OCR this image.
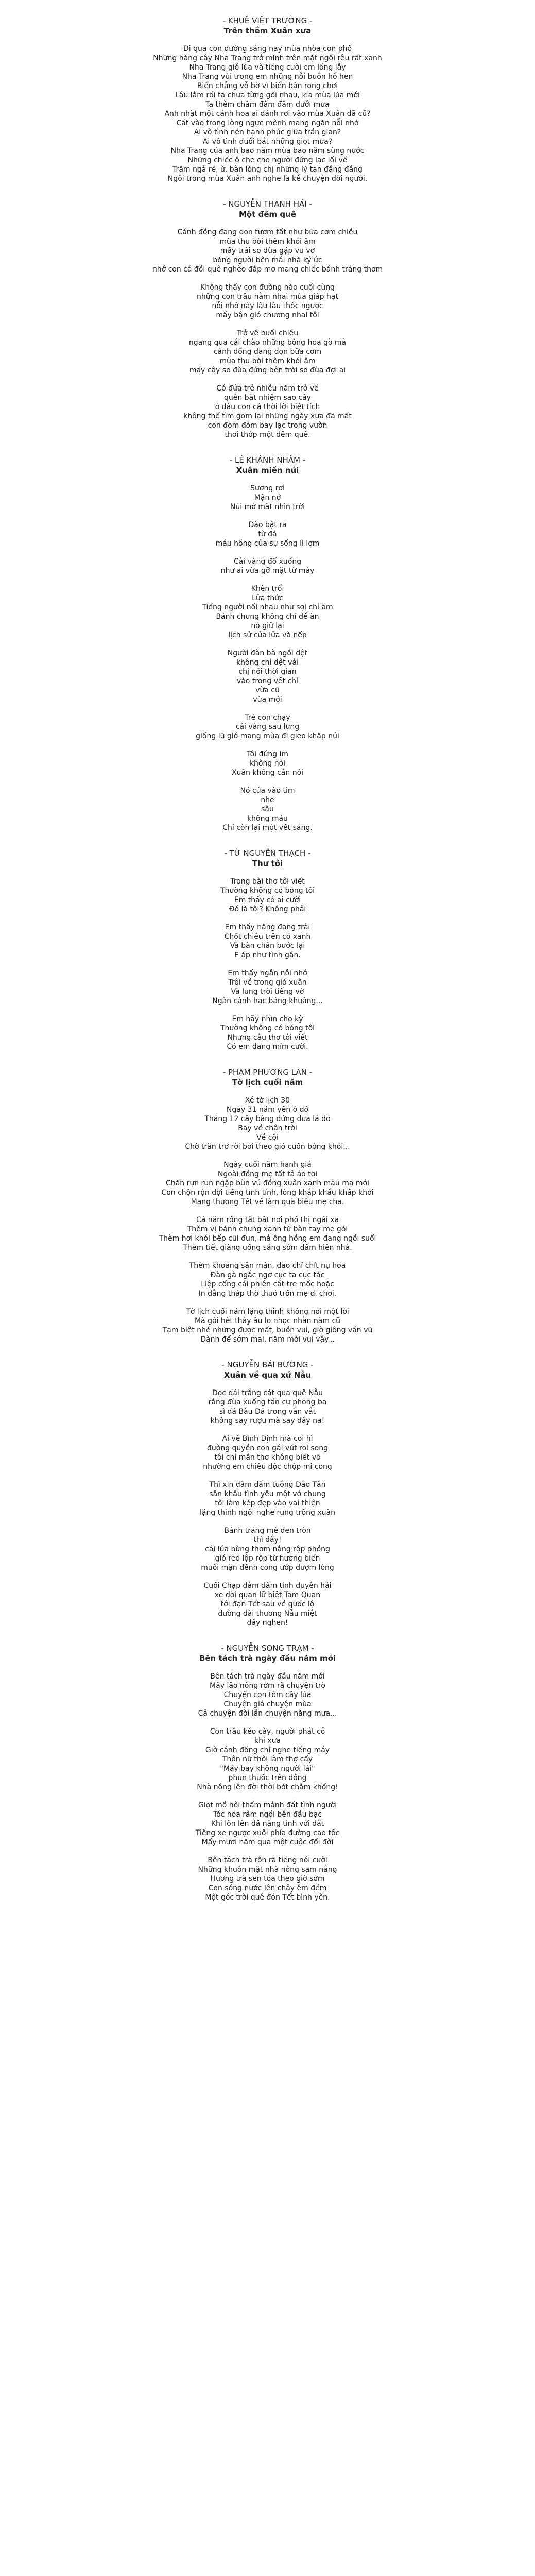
- KHUÊ VIỆT TRƯỜNG -
Trên thềm Xuân xưa
Đi qua con đường sáng nay mùa nhòa con phố
Những hàng cây Nha Trang trở mình trên mặt ngồi rêu rất xanh
Nha Trang gió lùa và tiếng cười em lồng lẫy
Nha Trang vùi trong em những nỗi buồn hồ hen
Biển chẳng vỗ bờ vì biển bận rong chơi
Lâu lắm rồi ta chưa từng gối nhau, kia mùa lúa mới
Ta thèm chăm đắm đắm dưới mưa
Anh nhặt một cánh hoa ai đánh rơi vào mùa Xuân đã cũ?
Cất vào trong lòng ngực mênh mang ngăn nỗi nhớ
Ai vô tình nén hạnh phúc giữa trần gian?
Ai vô tình đuổi bắt những giọt mưa?
Nha Trang của anh bao năm mùa bao năm sùng nước
Những chiếc ô che cho người đứng lạc lối về
Trăm ngả rẽ, ừ, bàn lòng chị những lý tan đẳng đẳng
Ngồi trong mùa Xuân anh nghe là kể chuyện đời người.
- NGUYỄN THANH HẢI -
Một đêm quê
Cánh đồng đang dọn tươm tất như bữa cơm chiều
mùa thu bời thêm khói âm
mấy trái so đùa gặp vu vơ
bóng người bên mái nhà ký ức
nhớ con cá đồi quê nghèo đắp mơ mang chiếc bánh tráng thơm
Không thấy con đường nào cuối cùng
những con trâu nằm nhai mùa giáp hạt
nỗi nhớ này lâu lâu thốc ngược
mấy bận gió chương nhai tôi
Trở về buổi chiều
ngang qua cái chào những bông hoa gò mả
cánh đồng đang dọn bữa cơm
mùa thu bời thêm khói âm
mấy cây so đùa đứng bên trời so đùa đợi ai
Có đứa trẻ nhiều năm trở về
quên bặt nhiệm sao cây
ở đâu con cá thời lời biệt tích
không thể tìm gom lại những ngày xưa đã mất
con đom đóm bay lạc trong vườn
thơi thớp một đêm quê.
- LÊ KHÁNH NHÂM -
Xuân miền núi
Sương rơi
Mận nở
Núi mờ mặt nhìn trời
Đào bật ra
từ đá
máu hồng của sự sống lì lợm
Cải vàng đổ xuống
như ai vừa gỡ mặt từ mây
Khèn trổi
Lửa thức
Tiếng người nối nhau như sợi chỉ ấm
Bánh chưng không chỉ để ăn
nó giữ lại
lịch sử của lửa và nếp
Người đàn bà ngồi dệt
không chỉ dệt vải
chị nối thời gian
vào trong vết chỉ
vừa cũ
vừa mới
Trẻ con chạy
cái vàng sau lưng
giống lũ gió mang mùa đi gieo khắp núi
Tôi đứng im
không nói
Xuân không cần nói
Nó cứa vào tim
nhẹ
sâu
không máu
Chỉ còn lại một vết sáng.
- TỪ NGUYỄN THẠCH -
Thư tôi
Trong bài thơ tôi viết
Thường không có bóng tôi
Em thấy có ai cười
Đó là tôi? Không phải
Em thấy nắng đang trải
Chốt chiều trên cỏ xanh
Và bàn chân bước lại
Ê áp như tình gần.
Em thấy ngẫn nỗi nhớ
Trôi về trong gió xuân
Và lung trời tiếng vờ
Ngàn cánh hạc bảng khuâng...
Em hãy nhìn cho kỹ
Thường không có bóng tôi
Nhưng câu thơ tôi viết
Có em đang mỉm cười.
- PHẠM PHƯƠNG LAN -
Tờ lịch cuối năm
Xé tờ lịch 30
Ngày 31 năm yên ở đó
Tháng 12 cây bàng đứng đưa lá đỏ
Bay về chân trời
Về cội
Chờ trăn trở rời bời theo gió cuốn bông khói...
Ngày cuối năm hanh giá
Ngoài đồng mẹ tất tả áo tơi
Chăn rựn run ngập bùn vú đồng xuân xanh màu mạ mới
Con chộn rộn đợi tiếng tình tính, lòng khắp khẩu khấp khởi
Mang thương Tết về làm quà biếu mẹ cha.
Cả năm rồng tất bật nơi phố thị ngái xa
Thèm vị bánh chưng xanh từ bàn tay mẹ gói
Thèm hơi khói bếp cũi đun, mả ông hồng em đang ngồi suối
Thèm tiết giàng uống sáng sớm đầm hiên nhà.
Thèm khoảng sân mận, đào chỉ chít nụ hoa
Đàn gà ngắc ngơ cục ta cục tác
Liệp cổng cái phiên cất tre mốc hoặc
In đẳng tháp thờ thuở trốn mẹ đi chơi.
Tờ lịch cuối năm lặng thinh không nói một lời
Mà gói hết thày âu lo nhọc nhằn năm cũ
Tạm biệt nhé những được mất, buồn vui, giờ giông vần vũ
Dành để sớm mai, năm mới vui vậy...
- NGUYỄN BÁI BƯỜNG -
Xuân về qua xứ Nẫu
Dọc dải trắng cát qua quê Nẫu
rằng đùa xuống tần cự phong ba
sì đá Bàu Đá trong vắn vắt
không say rượu mà say đầy na!
Ai về Bình Định mà coi hì
đường quyền con gái vút roi song
tôi chỉ mần thơ không biết võ
nhường em chiêu độc chộp mi cong
Thì xin đâm đấm tuồng Đào Tần
sân khấu tình yêu một vở chung
tôi làm kép đẹp vào vai thiện
lặng thinh ngồi nghe rung trống xuân
Bánh tráng mè đen tròn
thì đầy!
cái lúa bừng thơm nắng rộp phồng
gió reo lộp rộp từ hương biển
muối mặn đếnh cong ướp đượm lòng
Cuối Chạp đâm đấm tính duyên hải
xe đời quan lữ biệt Tam Quan
tới đạn Tết sau về quốc lộ
đường dài thương Nẫu miệt
đầy nghen!
- NGUYỄN SONG TRẠM -
Bên tách trà ngày đầu năm mới
Bên tách trà ngày đầu năm mới
Mây lão nồng rớm rã chuyện trò
Chuyện con tôm cây lúa
Chuyện giá chuyện mùa
Cả chuyện đời lẫn chuyện năng mưa...
Con trâu kéo cày, người phát cỏ
khi xưa
Giờ cánh đồng chỉ nghe tiếng máy
Thôn nữ thôi làm thợ cấy
"Máy bay không người lái"
phun thuốc trên đồng
Nhà nông lên đời thời bớt chằm khổng!
Giọt mồ hôi thấm mảnh đất tình người
Tóc hoa râm ngồi bên đầu bạc
Khi lòn lên đã nặng tình với đất
Tiếng xe ngược xuôi phía đường cao tốc
Mấy mươi năm qua một cuộc đổi đời
Bên tách trà rộn rã tiếng nói cười
Những khuôn mặt nhà nông sạm nắng
Hương trà sen tỏa theo giờ sớm
Con sóng nước lên chảy êm đềm
Một góc trời quê đón Tết bình yên.
